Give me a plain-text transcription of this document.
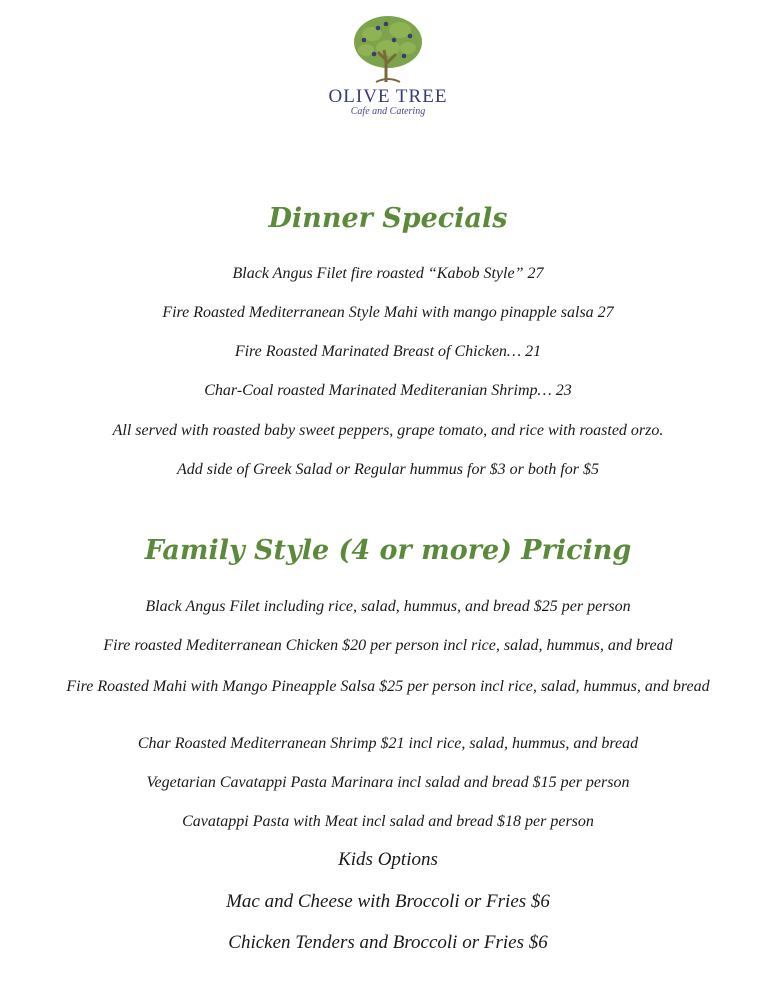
OLIVE TREE
Cafe and Catering
Dinner Specials
Black Angus Filet fire roasted “Kabob Style” 27
Fire Roasted Mediterranean Style Mahi with mango pinapple salsa 27
Fire Roasted Marinated Breast of Chicken… 21
Char-Coal roasted Marinated Mediteranian Shrimp… 23
All served with roasted baby sweet peppers, grape tomato, and rice with roasted orzo.
Add side of Greek Salad or Regular hummus for $3 or both for $5
Family Style (4 or more) Pricing
Black Angus Filet including rice, salad, hummus, and bread $25 per person
Fire roasted Mediterranean Chicken $20 per person incl rice, salad, hummus, and bread
Fire Roasted Mahi with Mango Pineapple Salsa $25 per person incl rice, salad, hummus, and bread
Char Roasted Mediterranean Shrimp $21 incl rice, salad, hummus, and bread
Vegetarian Cavatappi Pasta Marinara incl salad and bread $15 per person
Cavatappi Pasta with Meat incl salad and bread $18 per person
Kids Options
Mac and Cheese with Broccoli or Fries $6
Chicken Tenders and Broccoli or Fries $6
